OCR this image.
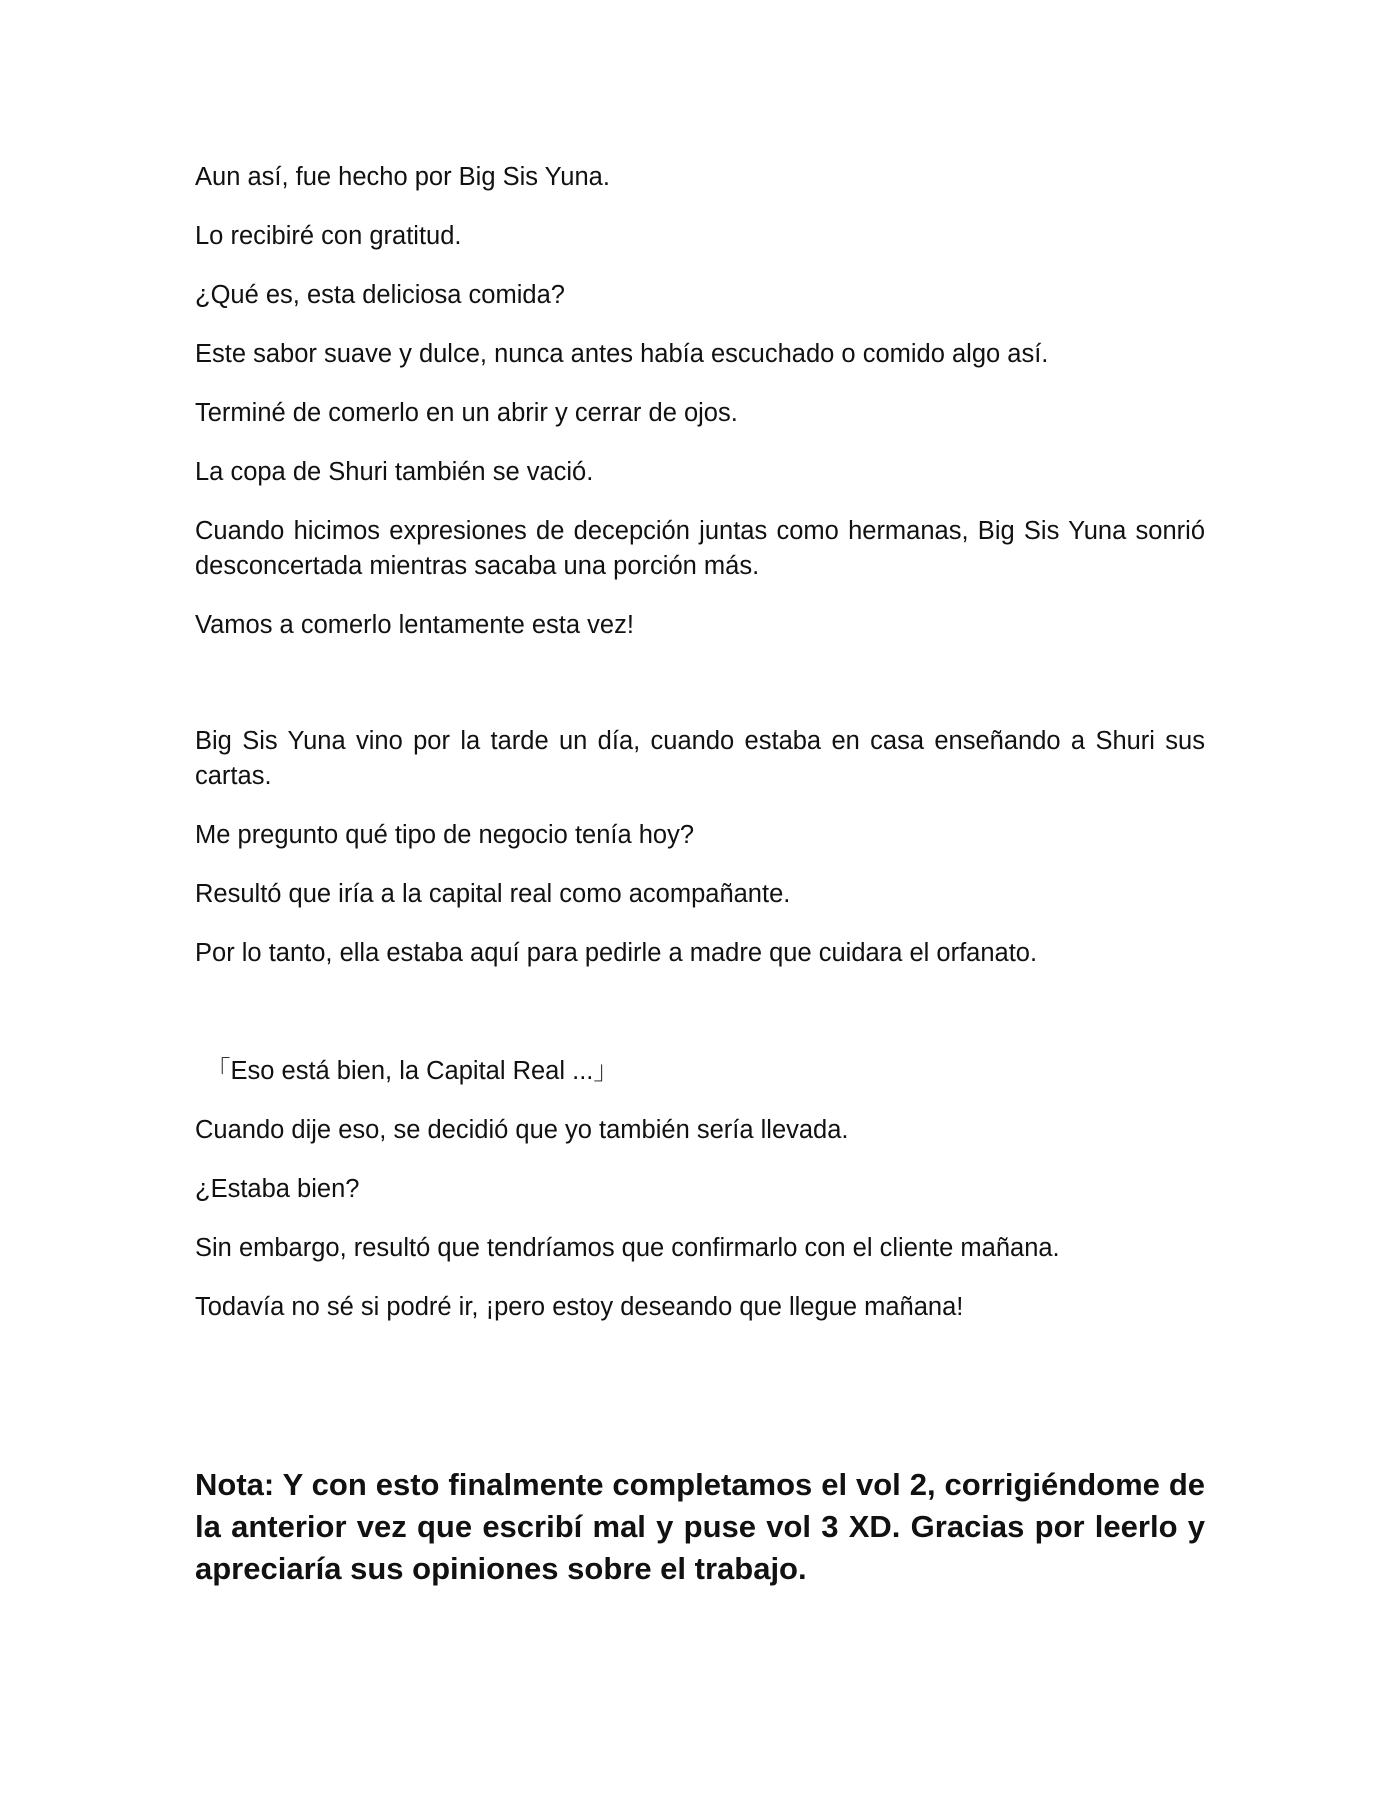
Aun así, fue hecho por Big Sis Yuna.

Lo recibiré con gratitud.

¿Qué es, esta deliciosa comida?

Este sabor suave y dulce, nunca antes había escuchado o comido algo así.

Terminé de comerlo en un abrir y cerrar de ojos.

La copa de Shuri también se vació.

Cuando hicimos expresiones de decepción juntas como hermanas, Big Sis Yuna sonrió desconcertada mientras sacaba una porción más.

Vamos a comerlo lentamente esta vez!

Big Sis Yuna vino por la tarde un día, cuando estaba en casa enseñando a Shuri sus cartas.

Me pregunto qué tipo de negocio tenía hoy?

Resultó que iría a la capital real como acompañante.

Por lo tanto, ella estaba aquí para pedirle a madre que cuidara el orfanato.

「Eso está bien, la Capital Real ...」

Cuando dije eso, se decidió que yo también sería llevada.

¿Estaba bien?

Sin embargo, resultó que tendríamos que confirmarlo con el cliente mañana.

Todavía no sé si podré ir, ¡pero estoy deseando que llegue mañana!

Nota: Y con esto finalmente completamos el vol 2, corrigiéndome de la anterior vez que escribí mal y puse vol 3 XD. Gracias por leerlo y apreciaría sus opiniones sobre el trabajo.
